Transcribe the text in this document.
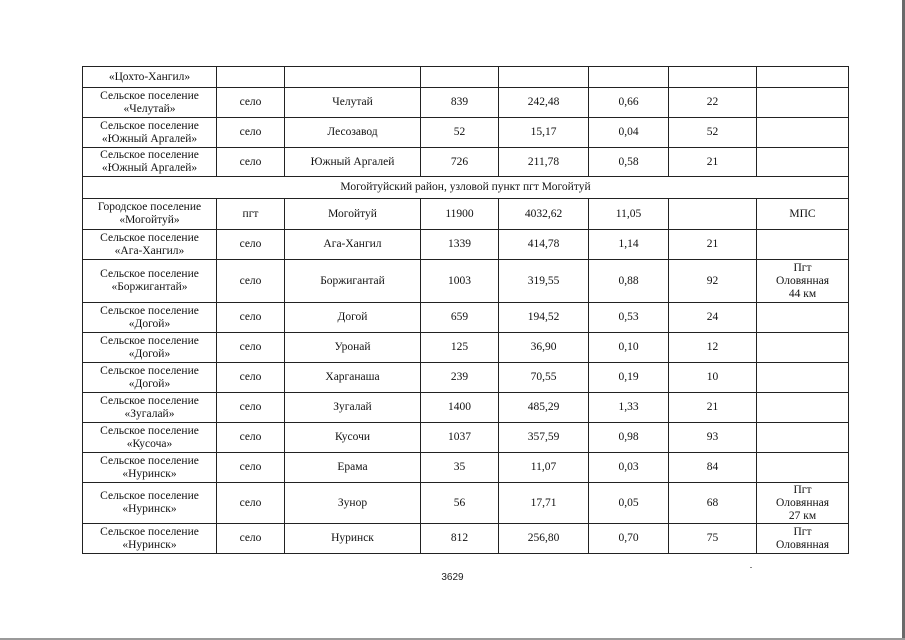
«Цохто-Хангил»							

Сельское поселение
«Челутай»	село	Челутай	839	242,48	0,66	22	

Сельское поселение
«Южный Аргалей»	село	Лесозавод	52	15,17	0,04	52	

Сельское поселение
«Южный Аргалей»	село	Южный Аргалей	726	211,78	0,58	21	
Могойтуйский район, узловой пункт пгт Могойтуй							

Городское поселение
«Могойтуй»	пгт	Могойтуй	11900	4032,62	11,05		МПС

Сельское поселение
«Ага-Хангил»	село	Ага-Хангил	1339	414,78	1,14	21	

Сельское поселение
«Боржигантай»	село	Боржигантай	1003	319,55	0,88	92	Пгт
Оловянная
44 км

Сельское поселение
«Догой»	село	Догой	659	194,52	0,53	24	

Сельское поселение
«Догой»	село	Уронай	125	36,90	0,10	12	

Сельское поселение
«Догой»	село	Харганаша	239	70,55	0,19	10	

Сельское поселение
«Зугалай»	село	Зугалай	1400	485,29	1,33	21	

Сельское поселение
«Кусоча»	село	Кусочи	1037	357,59	0,98	93	

Сельское поселение
«Нуринск»	село	Ерама	35	11,07	0,03	84	

Сельское поселение
«Нуринск»	село	Зунор	56	17,71	0,05	68	Пгт
Оловянная
27 км

Сельское поселение
«Нуринск»	село	Нуринск	812	256,80	0,70	75	Пгт
Оловянная
3629
